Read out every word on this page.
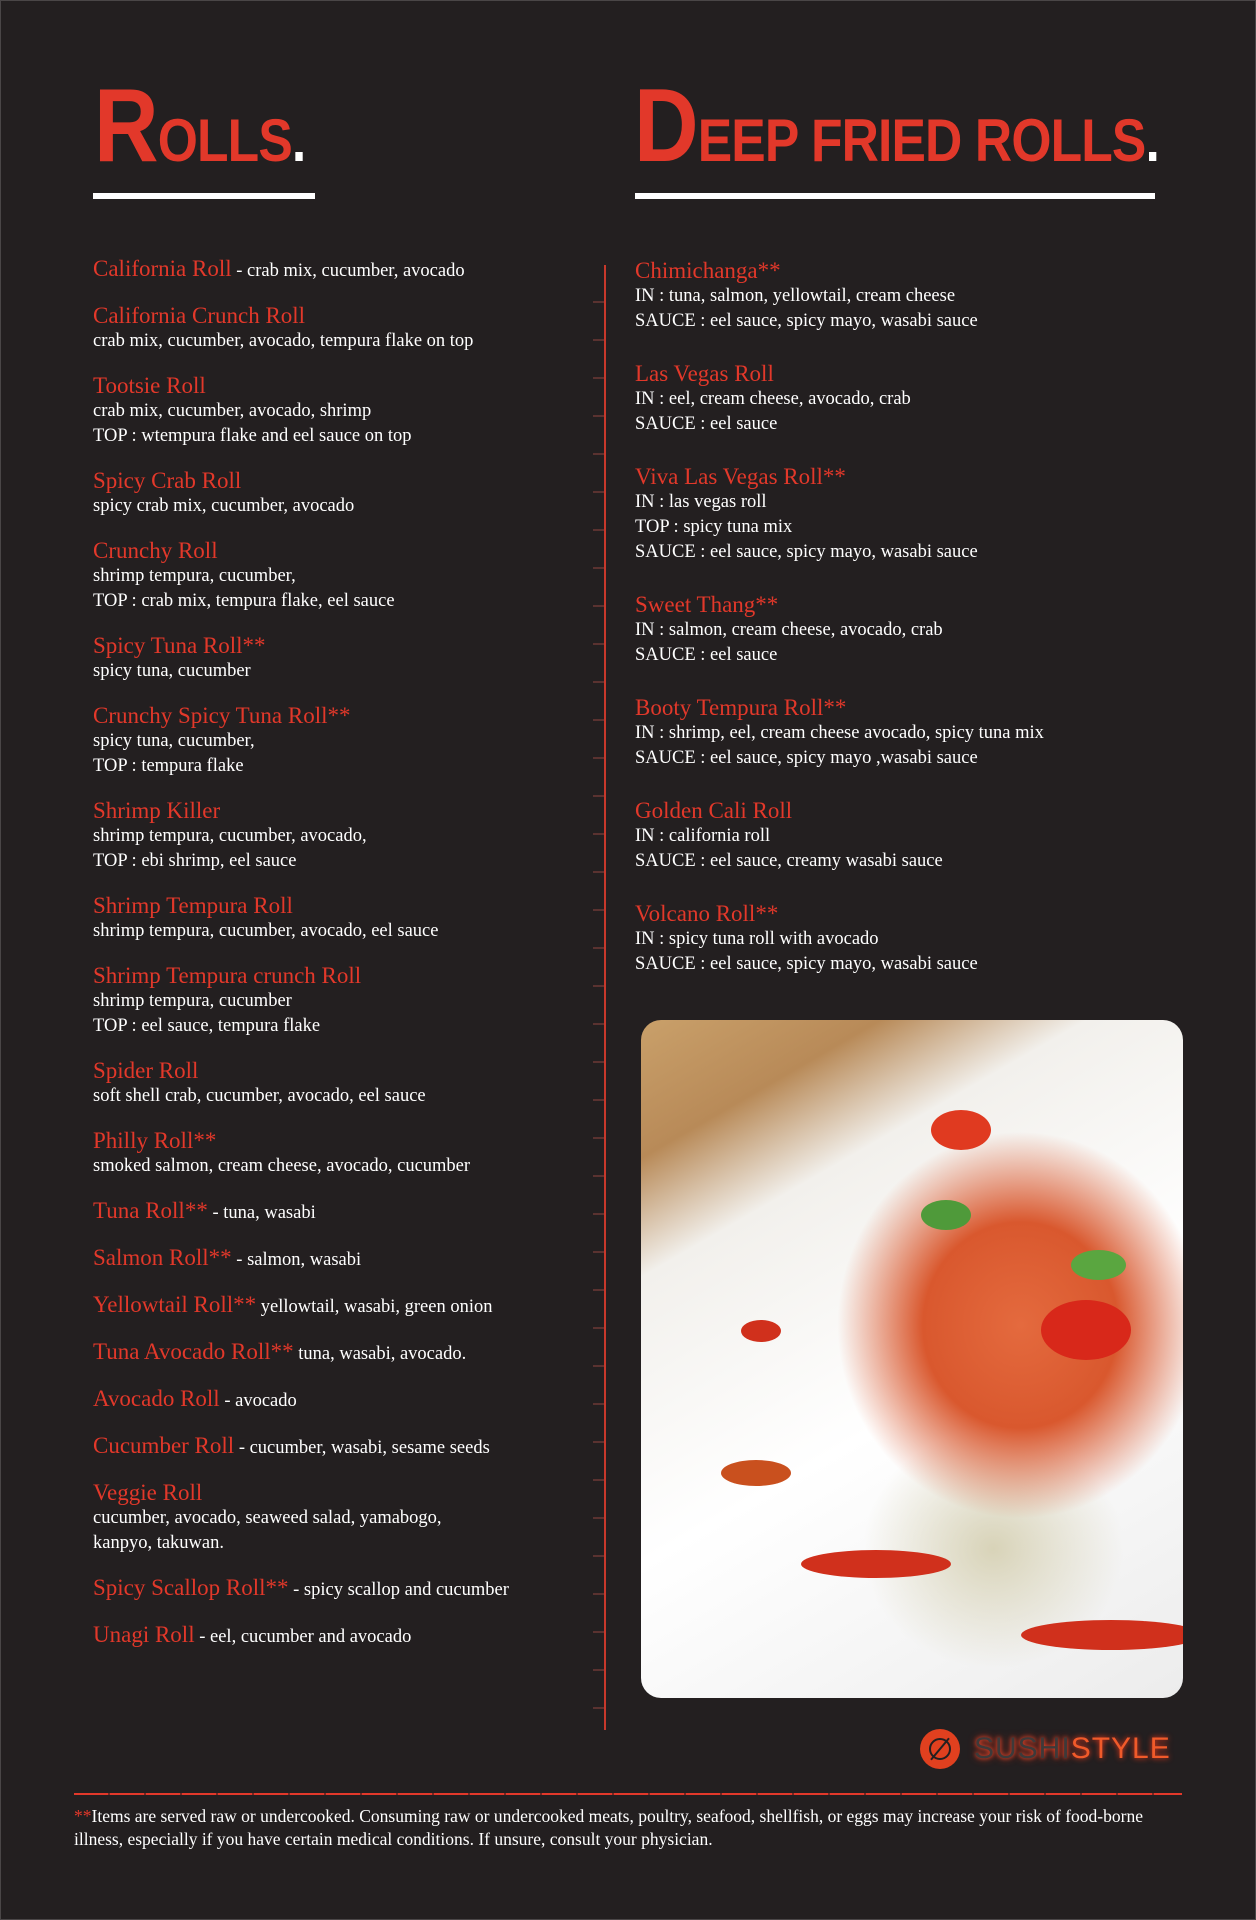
ROLLS.	DEEP FRIED ROLLS.
California Roll - crab mix, cucumber, avocado
California Crunch Roll
crab mix, cucumber, avocado, tempura flake on top
Tootsie Roll
crab mix, cucumber, avocado, shrimp
TOP : wtempura flake and eel sauce on top
Spicy Crab Roll
spicy crab mix, cucumber, avocado
Crunchy Roll
shrimp tempura, cucumber,
TOP : crab mix, tempura flake, eel sauce
Spicy Tuna Roll**
spicy tuna, cucumber
Crunchy Spicy Tuna Roll**
spicy tuna, cucumber,
TOP : tempura flake
Shrimp Killer
shrimp tempura, cucumber, avocado,
TOP : ebi shrimp, eel sauce
Shrimp Tempura Roll
shrimp tempura, cucumber, avocado, eel sauce
Shrimp Tempura crunch Roll
shrimp tempura, cucumber
TOP : eel sauce, tempura flake
Spider Roll
soft shell crab, cucumber, avocado, eel sauce
Philly Roll**
smoked salmon, cream cheese, avocado, cucumber
Tuna Roll** - tuna, wasabi
Salmon Roll** - salmon, wasabi
Yellowtail Roll** yellowtail, wasabi, green onion
Tuna Avocado Roll** tuna, wasabi, avocado.
Avocado Roll - avocado
Cucumber Roll - cucumber, wasabi, sesame seeds
Veggie Roll
cucumber, avocado, seaweed salad, yamabogo,
kanpyo, takuwan.
Spicy Scallop Roll** - spicy scallop and cucumber
Unagi Roll - eel, cucumber and avocado
Chimichanga**
IN : tuna, salmon, yellowtail, cream cheese
SAUCE : eel sauce, spicy mayo, wasabi sauce
Las Vegas Roll
IN : eel, cream cheese, avocado, crab
SAUCE : eel sauce
Viva Las Vegas Roll**
IN : las vegas roll
TOP : spicy tuna mix
SAUCE : eel sauce, spicy mayo, wasabi sauce
Sweet Thang**
IN : salmon, cream cheese, avocado, crab
SAUCE : eel sauce
Booty Tempura Roll**
IN : shrimp, eel, cream cheese avocado, spicy tuna mix
SAUCE : eel sauce, spicy mayo ,wasabi sauce
Golden Cali Roll
IN : california roll
SAUCE : eel sauce, creamy wasabi sauce
Volcano Roll**
IN : spicy tuna roll with avocado
SAUCE : eel sauce, spicy mayo, wasabi sauce
SUSHI STYLE
**Items are served raw or undercooked. Consuming raw or undercooked meats, poultry, seafood, shellfish, or eggs may increase your risk of food-borne illness, especially if you have certain medical conditions. If unsure, consult your physician.
